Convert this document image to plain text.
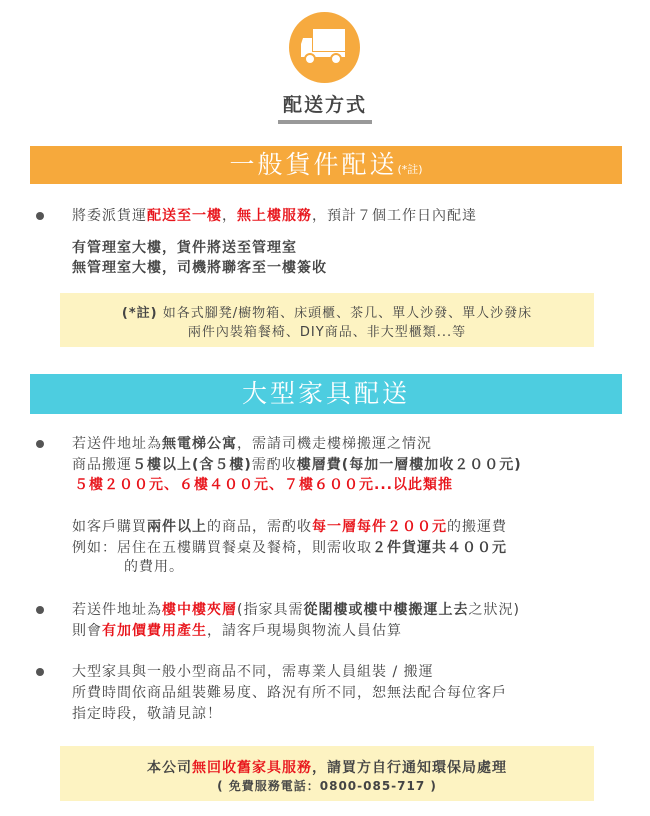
配送方式
一般貨件配送(*註)
將委派貨運配送至一樓，無上樓服務，預計７個工作日內配達
有管理室大樓，貨件將送至管理室
無管理室大樓，司機將聯客至一樓簽收
(*註) 如各式腳凳/櫥物箱、床頭櫃、茶几、單人沙發、單人沙發床
兩件內裝箱餐椅、DIY商品、非大型櫃類...等
大型家具配送
若送件地址為無電梯公寓，需請司機走樓梯搬運之情況
商品搬運５樓以上(含５樓)需酌收樓層費(每加一層樓加收２００元)
５樓２００元、６樓４００元、７樓６００元...以此類推
如客戶購買兩件以上的商品，需酌收每一層每件２００元的搬運費
例如：居住在五樓購買餐桌及餐椅，則需收取２件貨運共４００元
的費用。
若送件地址為樓中樓夾層(指家具需從閣樓或樓中樓搬運上去之狀況)
則會有加價費用產生，請客戶現場與物流人員估算
大型家具與一般小型商品不同，需專業人員組裝 / 搬運
所費時間依商品組裝難易度、路況有所不同，恕無法配合每位客戶
指定時段，敬請見諒！
本公司無回收舊家具服務，請買方自行通知環保局處理
( 免費服務電話：0800-085-717 )
